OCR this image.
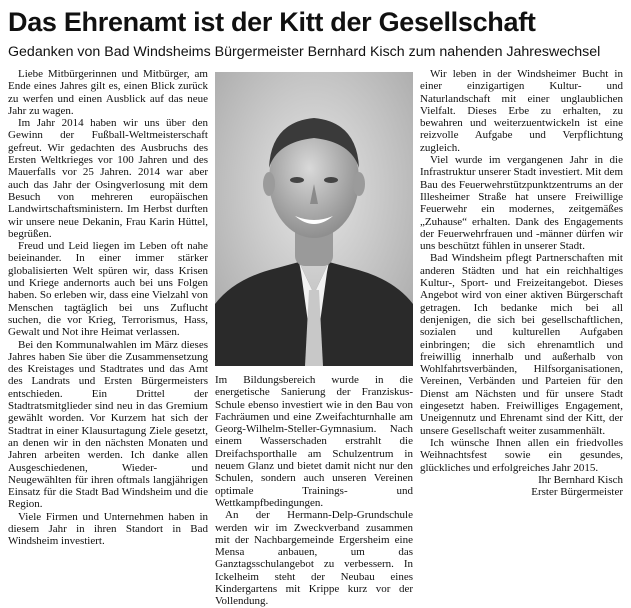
Das Ehrenamt ist der Kitt der Gesellschaft
Gedanken von Bad Windsheims Bürgermeister Bernhard Kisch zum nahenden Jahreswechsel

Liebe Mitbürgerinnen und Mitbürger, am Ende eines Jahres gilt es, einen Blick zurück zu werfen und einen Ausblick auf das neue Jahr zu wagen.

Im Jahr 2014 haben wir uns über den Gewinn der Fußball-Weltmeisterschaft gefreut. Wir gedachten des Ausbruchs des Ersten Weltkrieges vor 100 Jahren und des Mauerfalls vor 25 Jahren. 2014 war aber auch das Jahr der Osingverlosung mit dem Besuch von mehreren europäischen Landwirtschaftsministern. Im Herbst durften wir unsere neue Dekanin, Frau Karin Hüttel, begrüßen.

Freud und Leid liegen im Leben oft nahe beieinander. In einer immer stärker globalisierten Welt spüren wir, dass Krisen und Kriege andernorts auch bei uns Folgen haben. So erleben wir, dass eine Vielzahl von Menschen tagtäglich bei uns Zuflucht suchen, die vor Krieg, Terrorismus, Hass, Gewalt und Not ihre Heimat verlassen.

Bei den Kommunalwahlen im März dieses Jahres haben Sie über die Zusammensetzung des Kreistages und Stadtrates und das Amt des Landrats und Ersten Bürgermeisters entschieden. Ein Drittel der Stadtratsmitglieder sind neu in das Gremium gewählt worden. Vor Kurzem hat sich der Stadtrat in einer Klausurtagung Ziele gesetzt, an denen wir in den nächsten Monaten und Jahren arbeiten werden. Ich danke allen Ausgeschiedenen, Wieder- und Neugewählten für ihren oftmals langjährigen Einsatz für die Stadt Bad Windsheim und die Region.

Viele Firmen und Unternehmen haben in diesem Jahr in ihren Standort in Bad Windsheim investiert.

Im Bildungsbereich wurde in die energetische Sanierung der Franziskus-Schule ebenso investiert wie in den Bau von Fachräumen und eine Zweifachturnhalle am Georg-Wilhelm-Steller-Gymnasium. Nach einem Wasserschaden erstrahlt die Dreifachsporthalle am Schulzentrum in neuem Glanz und bietet damit nicht nur den Schulen, sondern auch unseren Vereinen optimale Trainings- und Wettkampfbedingungen.

An der Hermann-Delp-Grundschule werden wir im Zweckverband zusammen mit der Nachbargemeinde Ergersheim eine Mensa anbauen, um das Ganztagsschulangebot zu verbessern. In Ickelheim steht der Neubau eines Kindergartens mit Krippe kurz vor der Vollendung.

Wir leben in der Windsheimer Bucht in einer einzigartigen Kultur- und Naturlandschaft mit einer unglaublichen Vielfalt. Dieses Erbe zu erhalten, zu bewahren und weiterzuentwickeln ist eine reizvolle Aufgabe und Verpflichtung zugleich.

Viel wurde im vergangenen Jahr in die Infrastruktur unserer Stadt investiert. Mit dem Bau des Feuerwehrstützpunktzentrums an der Illesheimer Straße hat unsere Freiwillige Feuerwehr ein modernes, zeitgemäßes „Zuhause“ erhalten. Dank des Engagements der Feuerwehrfrauen und -männer dürfen wir uns beschützt fühlen in unserer Stadt.

Bad Windsheim pflegt Partnerschaften mit anderen Städten und hat ein reichhaltiges Kultur-, Sport- und Freizeitangebot. Dieses Angebot wird von einer aktiven Bürgerschaft getragen. Ich bedanke mich bei all denjenigen, die sich bei gesellschaftlichen, sozialen und kulturellen Aufgaben einbringen; die sich ehrenamtlich und freiwillig innerhalb und außerhalb von Wohlfahrtsverbänden, Hilfsorganisationen, Vereinen, Verbänden und Parteien für den Dienst am Nächsten und für unsere Stadt eingesetzt haben. Freiwilliges Engagement, Uneigennutz und Ehrenamt sind der Kitt, der unsere Gesellschaft weiter zusammenhält.

Ich wünsche Ihnen allen ein friedvolles Weihnachtsfest sowie ein gesundes, glückliches und erfolgreiches Jahr 2015.

Ihr Bernhard Kisch

Erster Bürgermeister
